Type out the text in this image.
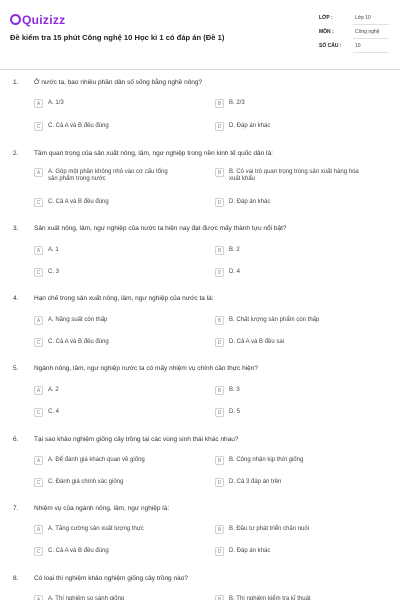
Quizizz
Đề kiểm tra 15 phút Công nghệ 10 Học kì 1 có đáp án (Đề 1)
LỚP :	Lớp 10
MÔN :	Công nghệ
SỐ CÂU :	10
1. Ở nước ta, bao nhiêu phần dân số sống bằng nghề nông?
A	A. 1/3	B	B. 2/3
C	C. Cả A và B đều đúng	D	D. Đáp án khác
2. Tầm quan trọng của sản xuất nông, lâm, ngư nghiệp trong nền kinh tế quốc dân là:
A	A. Góp một phần không nhỏ vào cơ cấu tổng sản phẩm trong nước
B	B. Có vai trò quan trọng trong sản xuất hàng hóa xuất khẩu
C	C. Cả A và B đều đúng	D	D. Đáp án khác
3. Sản xuất nông, lâm, ngư nghiệp của nước ta hiện nay đạt được mấy thành tựu nổi bật?
A	A. 1	B	B. 2
C	C. 3	D	D. 4
4. Hạn chế trong sản xuất nông, lâm, ngư nghiệp của nước ta là:
A	A. Năng suất còn thấp	B	B. Chất lượng sản phẩm còn thấp
C	C. Cả A và B đều đúng	D	D. Cả A và B đều sai
5. Ngành nông, lâm, ngư nghiệp nước ta có mấy nhiệm vụ chính cần thực hiện?
A	A. 2	B	B. 3
C	C. 4	D	D. 5
6. Tại sao khảo nghiệm giống cây trồng tại các vùng sinh thái khác nhau?
A	A. Để đánh giá khách quan về giống	B	B. Công nhận kịp thời giống
C	C. Đánh giá chính xác giống	D	D. Cả 3 đáp án trên
7. Nhiệm vụ của ngành nông, lâm, ngư nghiệp là:
A	A. Tăng cường sản xuất lượng thực	B	B. Đầu tư phát triển chăn nuôi
C	C. Cả A và B đều đúng	D	D. Đáp án khác
8. Có loại thí nghiệm khảo nghiệm giống cây trồng nào?
A	A. Thí nghiệm so sánh giống	B	B. Thí nghiệm kiểm tra kĩ thuật
